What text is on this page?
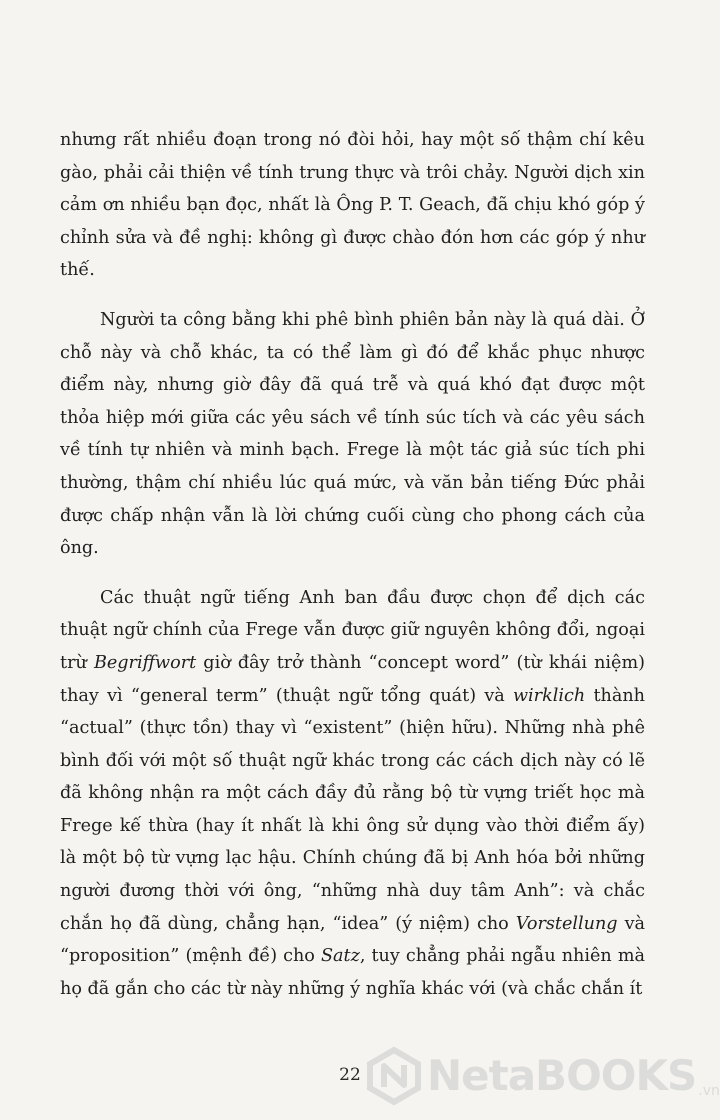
nhưng rất nhiều đoạn trong nó đòi hỏi, hay một số thậm chí kêu gào, phải cải thiện về tính trung thực và trôi chảy. Người dịch xin cảm ơn nhiều bạn đọc, nhất là Ông P. T. Geach, đã chịu khó góp ý chỉnh sửa và đề nghị: không gì được chào đón hơn các góp ý như thế.

Người ta công bằng khi phê bình phiên bản này là quá dài. Ở chỗ này và chỗ khác, ta có thể làm gì đó để khắc phục nhược điểm này, nhưng giờ đây đã quá trễ và quá khó đạt được một thỏa hiệp mới giữa các yêu sách về tính súc tích và các yêu sách về tính tự nhiên và minh bạch. Frege là một tác giả súc tích phi thường, thậm chí nhiều lúc quá mức, và văn bản tiếng Đức phải được chấp nhận vẫn là lời chứng cuối cùng cho phong cách của ông.

Các thuật ngữ tiếng Anh ban đầu được chọn để dịch các thuật ngữ chính của Frege vẫn được giữ nguyên không đổi, ngoại trừ Begriffwort giờ đây trở thành “concept word” (từ khái niệm) thay vì “general term” (thuật ngữ tổng quát) và wirklich thành “actual” (thực tồn) thay vì “existent” (hiện hữu). Những nhà phê bình đối với một số thuật ngữ khác trong các cách dịch này có lẽ đã không nhận ra một cách đầy đủ rằng bộ từ vựng triết học mà Frege kế thừa (hay ít nhất là khi ông sử dụng vào thời điểm ấy) là một bộ từ vựng lạc hậu. Chính chúng đã bị Anh hóa bởi những người đương thời với ông, “những nhà duy tâm Anh”: và chắc chắn họ đã dùng, chẳng hạn, “idea” (ý niệm) cho Vorstellung và “proposition” (mệnh đề) cho Satz, tuy chẳng phải ngẫu nhiên mà họ đã gắn cho các từ này những ý nghĩa khác với (và chắc chắn ít

22	NetaBOOKS .vn
